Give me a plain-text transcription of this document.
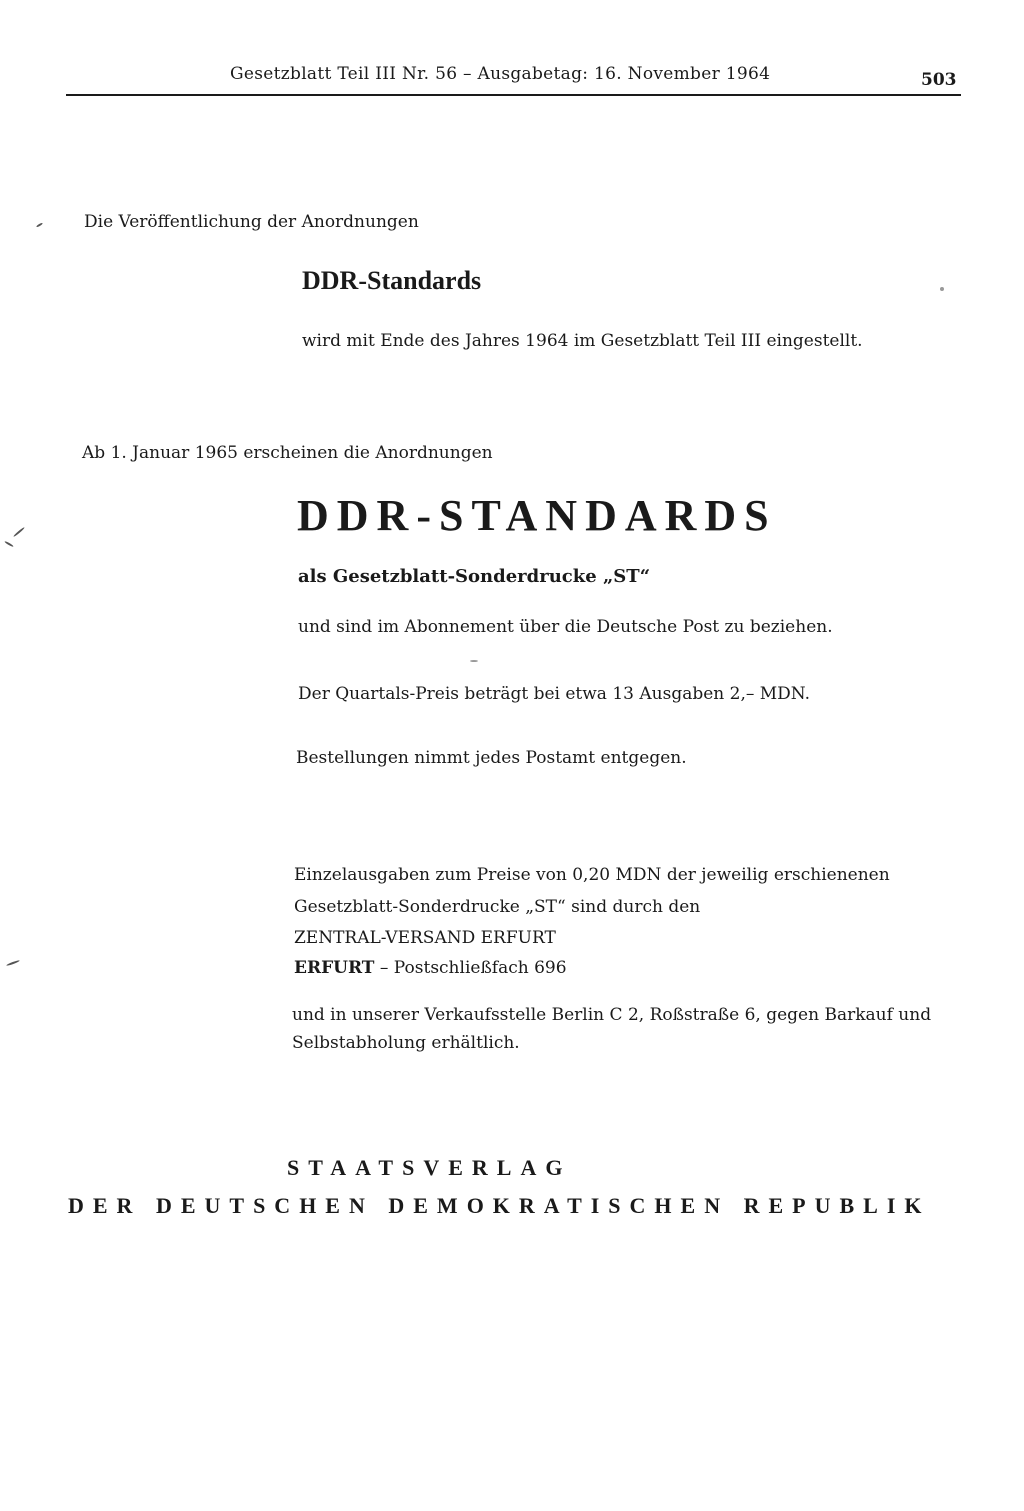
Gesetzblatt Teil III Nr. 56 – Ausgabetag: 16. November 1964	503
Die Veröffentlichung der Anordnungen
DDR-Standards
wird mit Ende des Jahres 1964 im Gesetzblatt Teil III eingestellt.
Ab 1. Januar 1965 erscheinen die Anordnungen
DDR-STANDARDS
als Gesetzblatt-Sonderdrucke „ST“
und sind im Abonnement über die Deutsche Post zu beziehen.
Der Quartals-Preis beträgt bei etwa 13 Ausgaben 2,– MDN.
Bestellungen nimmt jedes Postamt entgegen.
Einzelausgaben zum Preise von 0,20 MDN der jeweilig erschienenen
Gesetzblatt-Sonderdrucke „ST“ sind durch den
ZENTRAL-VERSAND ERFURT
ERFURT – Postschließfach 696
und in unserer Verkaufsstelle Berlin C 2, Roßstraße 6, gegen Barkauf und
Selbstabholung erhältlich.
STAATSVERLAG
DER DEUTSCHEN DEMOKRATISCHEN REPUBLIK
